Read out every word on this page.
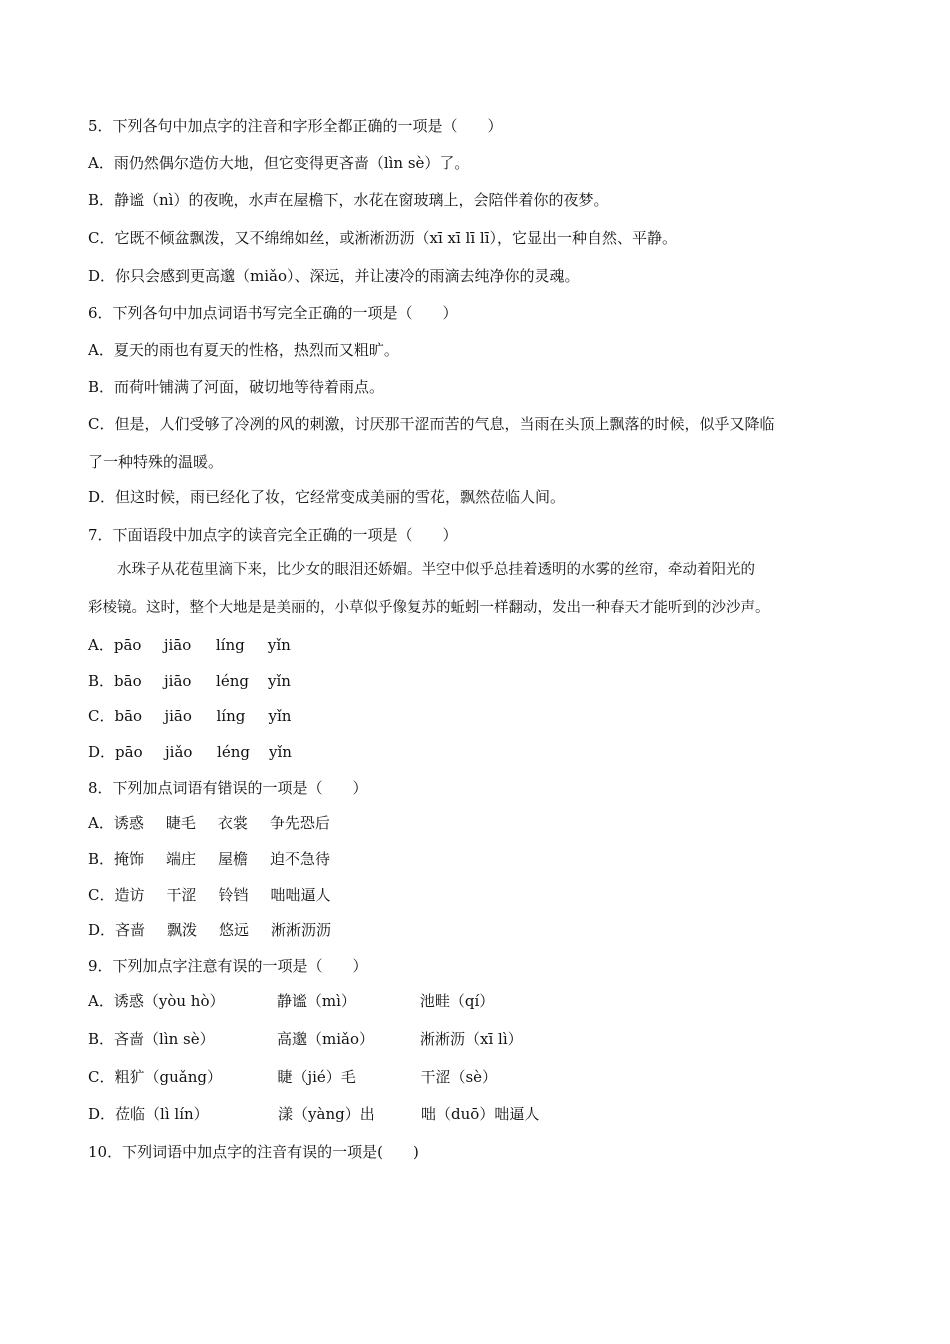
5．下列各句中加点字的注音和字形全都正确的一项是（　　）
A．雨仍然偶尔造仿大地，但它变得更吝啬（lìn sè）了。
B．静谧（nì）的夜晚，水声在屋檐下，水花在窗玻璃上，会陪伴着你的夜梦。
C．它既不倾盆飘泼，又不绵绵如丝，或淅淅沥沥（xī xī lī lī），它显出一种自然、平静。
D．你只会感到更高邈（miǎo）、深远，并让凄冷的雨滴去纯净你的灵魂。
6．下列各句中加点词语书写完全正确的一项是（　　）
A．夏天的雨也有夏天的性格，热烈而又粗旷。
B．而荷叶铺满了河面，破切地等待着雨点。
C．但是，人们受够了冷冽的风的刺激，讨厌那干涩而苦的气息，当雨在头顶上飘落的时候，似乎又降临
了一种特殊的温暖。
D．但这时候，雨已经化了妆，它经常变成美丽的雪花，飘然莅临人间。
7．下面语段中加点字的读音完全正确的一项是（　　）
　　水珠子从花苞里滴下来，比少女的眼泪还娇媚。半空中似乎总挂着透明的水雾的丝帘，牵动着阳光的
彩棱镜。这时，整个大地是是美丽的，小草似乎像复苏的蚯蚓一样翻动，发出一种春天才能听到的沙沙声。
A．pāo jiāo líng yǐn
B．bāo jiāo léng yǐn
C．bāo jiāo líng yǐn
D．pāo jiǎo léng yǐn
8．下列加点词语有错误的一项是（　　）
A．诱惑 睫毛 衣裳 争先恐后
B．掩饰 端庄 屋檐 迫不急待
C．造访 干涩 铃铛 咄咄逼人
D．吝啬 飘泼 悠远 淅淅沥沥
9．下列加点字注意有误的一项是（　　）
A．诱惑（yòu hò）	静谧（mì）	池畦（qí）
B．吝啬（lìn sè）	高邈（miǎo）	淅淅沥（xī lì）
C．粗犷（guǎng）	睫（jié）毛	干涩（sè）
D．莅临（lì lín）	漾（yàng）出	咄（duō）咄逼人
10．下列词语中加点字的注音有误的一项是(　　)
